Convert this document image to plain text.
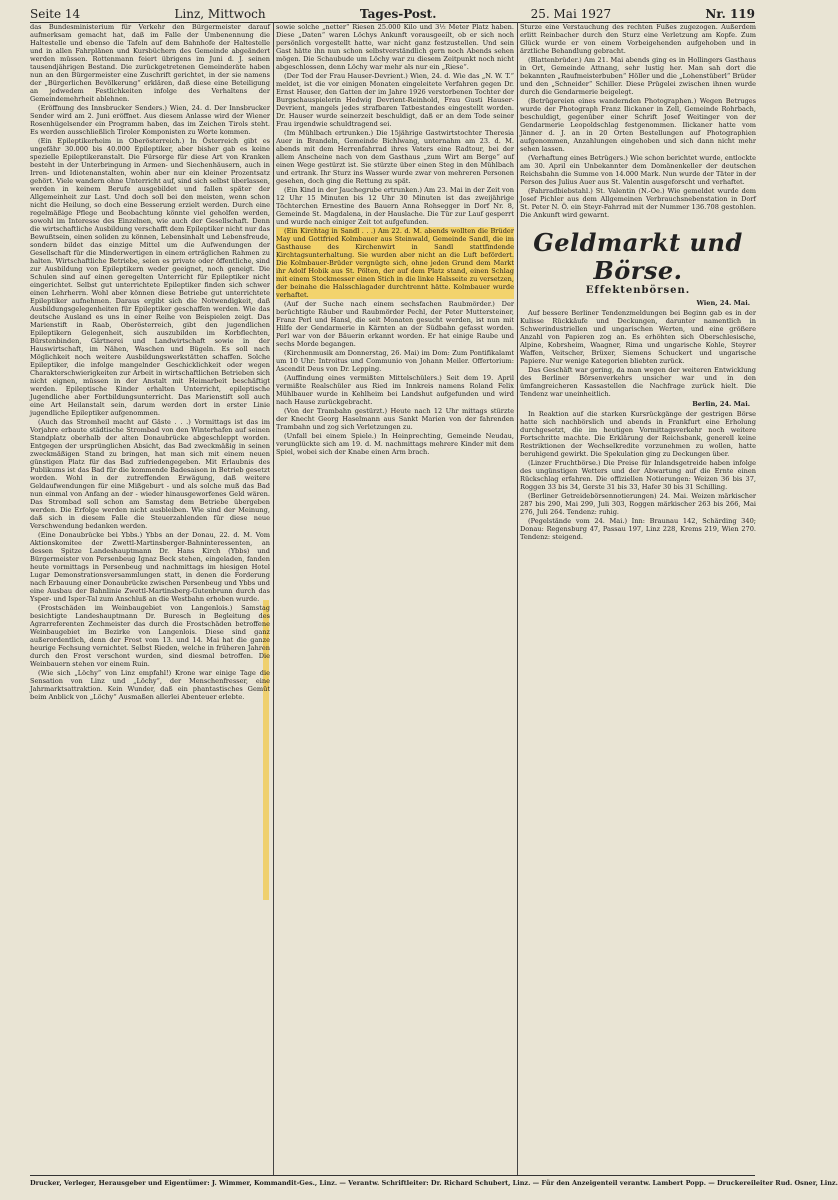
Seite 14	Linz, Mittwoch	Tages-Post.	25. Mai 1927	Nr. 119

das Bundesministerium für Verkehr den Bürgermeister darauf aufmerksam gemacht hat, daß im Falle der Umbenennung die Haltestelle und ebenso die Tafeln auf dem Bahnhofe der Haltestelle und in allen Fahrplänen und Kursbüchern des Gemeinde abgeändert werden müssen. Rottenmann feiert übrigens im Juni d. J. seinen tausendjährigen Bestand. Die zurückgetretenen Gemeinderäte haben nun an den Bürgermeister eine Zuschrift gerichtet, in der sie namens der „Bürgerlichen Bevölkerung“ erklären, daß diese eine Beteiligung an jedwedem Festlichkeiten infolge des Verhaltens der Gemeindemehrheit ablehnen.

(Eröffnung des Innsbrucker Senders.) Wien, 24. d. Der Innsbrucker Sender wird am 2. Juni eröffnet. Aus diesem Anlasse wird der Wiener Rosenhügelsender ein Programm haben, das im Zeichen Tirols steht. Es werden ausschließlich Tiroler Komponisten zu Worte kommen.

(Ein Epileptikerheim in Oberösterreich.) In Österreich gibt es ungefähr 30.000 bis 40.000 Epileptiker, aber bisher gab es keine spezielle Epileptikeranstalt. Die Fürsorge für diese Art von Kranken besteht in der Unterbringung in Armen- und Siechenhäusern, auch in Irren- und Idiotenanstalten, wohin aber nur ein kleiner Prozentsatz gehört. Viele wandern ohne Unterricht auf, sind sich selbst überlassen, werden in keinem Berufe ausgebildet und fallen später der Allgemeinheit zur Last. Und doch soll bei den meisten, wenn schon nicht die Heilung, so doch eine Besserung erzielt werden. Durch eine regelmäßige Pflege und Beobachtung könnte viel geholfen werden, sowohl im Interesse des Einzelnen, wie auch der Gesellschaft. Denn die wirtschaftliche Ausbildung verschafft dem Epileptiker nicht nur das Bewußtsein, einen soliden zu können, Lebensinhalt und Lebensfreude, sondern bildet das einzige Mittel um die Aufwendungen der Gesellschaft für die Minderwertigen in einem erträglichen Rahmen zu halten. Wirtschaftliche Betriebe, seien es private oder öffentliche, sind zur Ausbildung von Epileptikern weder geeignet, noch geneigt. Die Schulen sind auf einen geregelten Unterricht für Epileptiker nicht eingerichtet. Selbst gut unterrichtete Epileptiker finden sich schwer einen Lehrherrn. Wohl aber können diese Betriebe gut unterrichtete Epileptiker aufnehmen. Daraus ergibt sich die Notwendigkeit, daß Ausbildungsgelegenheiten für Epileptiker geschaffen werden. Wie das deutsche Ausland es uns in einer Reihe von Beispielen zeigt. Das Marienstift in Raab, Oberösterreich, gibt den jugendlichen Epileptikern Gelegenheit, sich auszubilden im Korbflechten, Bürstenbinden, Gärtnerei und Landwirtschaft sowie in der Hauswirtschaft, im Nähen, Waschen und Bügeln. Es soll nach Möglichkeit noch weitere Ausbildungswerkstätten schaffen. Solche Epileptiker, die infolge mangelnder Geschicklichkeit oder wegen Charakterschwierigkeiten zur Arbeit in wirtschaftlichen Betrieben sich nicht eignen, müssen in der Anstalt mit Heimarbeit beschäftigt werden. Epileptische Kinder erhalten Unterricht, epileptische Jugendliche aber Fortbildungsunterricht. Das Marienstift soll auch eine Art Heilanstalt sein, darum werden dort in erster Linie jugendliche Epileptiker aufgenommen.

(Auch das Stromheil macht auf Gäste . . .) Vormittags ist das im Vorjahre erbaute städtische Strombad von den Winterhafen auf seinen Standplatz oberhalb der alten Donaubrücke abgeschleppt worden. Entgegen der ursprünglichen Absicht, das Bad zweckmäßig in seinen zweckmäßigen Stand zu bringen, hat man sich mit einem neuen günstigen Platz für das Bad zufriedengegeben. Mit Erlaubnis des Publikums ist das Bad für die kommende Badesaison in Betrieb gesetzt worden. Wohl in der zutreffenden Erwägung, daß weitere Geldaufwendungen für eine Mißgeburt - und als solche muß das Bad nun einmal von Anfang an der - wieder hinausgeworfenes Geld wären. Das Strombad soll schon am Samstag dem Betriebe übergeben werden. Die Erfolge werden nicht ausbleiben. Wie sind der Meinung, daß sich in diesem Falle die Steuerzahlenden für diese neue Verschwendung bedanken werden.

(Eine Donaubrücke bei Ybbs.) Ybbs an der Donau, 22. d. M. Vom Aktionskomitee der Zwettl-Martinsberger-Bahninteressenten, an dessen Spitze Landeshauptmann Dr. Hans Kirch (Ybbs) und Bürgermeister von Persenbeug Ignaz Beck stehen, eingeladen, fanden heute vormittags in Persenbeug und nachmittags im hiesigen Hotel Lugar Demonstrationsversammlungen statt, in denen die Forderung nach Erbauung einer Donaubrücke zwischen Persenbeug und Ybbs und eine Ausbau der Bahnlinie Zwettl-Martinsberg-Gutenbrunn durch das Ysper- und Isper-Tal zum Anschluß an die Westbahn erhoben wurde.

(Frostschäden im Weinbaugebiet von Langenlois.) Samstag besichtigte Landeshauptmann Dr. Buresch in Begleitung des Agrarreferenten Zechmeister das durch die Frostschäden betroffene Weinbaugebiet im Bezirke von Langenlois. Diese sind ganz außerordentlich, denn der Frost vom 13. und 14. Mai hat die ganze heurige Fechsung vernichtet. Selbst Rieden, welche in früheren Jahren durch den Frost verschont wurden, sind diesmal betroffen. Die Weinbauern stehen vor einem Ruin.

(Wie sich „Löchy“ von Linz empfahl!) Krone war einige Tage die Sensation von Linz und „Löchy“, der Menschenfresser, eine Jahrmarktsattraktion. Kein Wunder, daß ein phantastisches Gemüt beim Anblick von „Löchy“ Ausmaßen allerlei Abenteuer erlebte.

sowie solche „netter“ Riesen 25.000 Kilo und 3½ Meter Platz haben. Diese „Daten“ waren Löchys Ankunft vorausgeeilt, ob er sich noch persönlich vorgestellt hatte, war nicht ganz festzustellen. Und sein Gast hätte ihn nun schon selbstverständlich gern noch Abends sehen mögen. Die Schaubude um Löchy war zu diesem Zeitpunkt noch nicht abgeschlossen, denn Löchy war mehr als nur ein „Riese“.

(Der Tod der Frau Hauser-Devrient.) Wien, 24. d. Wie das „N. W. T.“ meldet, ist die vor einigen Monaten eingeleitete Verfahren gegen Dr. Ernst Hauser, den Gatten der im Jahre 1926 verstorbenen Tochter der Burgschauspielerin Hedwig Devrient-Reinhold, Frau Gusti Hauser-Devrient, mangels jedes strafbaren Tatbestandes eingestellt worden. Dr. Hauser wurde seinerzeit beschuldigt, daß er an dem Tode seiner Frau irgendwie schuldtragend sei.

(Im Mühlbach ertrunken.) Die 15jährige Gastwirtstochter Theresia Auer in Brandeln, Gemeinde Bichlwang, unternahm am 23. d. M. abends mit dem Herrenfahrrad ihres Vaters eine Radtour, bei der allem Anscheine nach von dem Gasthaus „zum Wirt am Berge“ auf einen Wege gestürzt ist. Sie stürzte über einen Steg in den Mühlbach und ertrank. Ihr Sturz ins Wasser wurde zwar von mehreren Personen gesehen, doch ging die Rettung zu spät.

(Ein Kind in der Jauchegrube ertrunken.) Am 23. Mai in der Zeit von 12 Uhr 15 Minuten bis 12 Uhr 30 Minuten ist das zweijährige Töchterchen Ernestine des Bauern Anna Rohsegger in Dorf Nr. 8, Gemeinde St. Magdalena, in der Hauslache. Die Tür zur Lauf gesperrt und wurde nach einiger Zeit tot aufgefunden.

(Ein Kirchtag in Sandl . . .) Am 22. d. M. abends wollten die Brüder May und Gottfried Kolmbauer aus Steinwald, Gemeinde Sandl, die im Gasthause des Kirchenwirt in Sandl stattfindende Kirchtagsunterhaltung. Sie wurden aber nicht an die Luft befördert. Die Kolmbauer-Brüder vergnügte sich, ohne jeden Grund dem Markt ihr Adolf Hobik aus St. Pölten, der auf dem Platz stand, einen Schlag mit einem Stockmesser einen Stich in die linke Halsseite zu versetzen, der beinahe die Halsschlagader durchtrennt hätte. Kolmbauer wurde verhaftet.

(Auf der Suche nach einem sechsfachen Raubmörder.) Der berüchtigte Räuber und Raubmörder Pechl, der Peter Muttersteiner, Franz Perl und Hansl, die seit Monaten gesucht werden, ist nun mit Hilfe der Gendarmerie in Kärnten an der Südbahn gefasst worden. Perl war von der Bäuerin erkannt worden. Er hat einige Raube und sechs Morde begangen.

(Kirchenmusik am Donnerstag, 26. Mai) im Dom: Zum Pontifikalamt um 10 Uhr: Introitus und Communio von Johann Meiler. Offertorium: Ascendit Deus von Dr. Lepping.

(Auffindung eines vermißten Mittelschülers.) Seit dem 19. April vermißte Realschüler aus Ried im Innkreis namens Roland Felix Mühlbauer wurde in Kehlheim bei Landshut aufgefunden und wird nach Hause zurückgebracht.

(Von der Trambahn gestürzt.) Heute nach 12 Uhr mittags stürzte der Knecht Georg Haselmann aus Sankt Marien von der fahrenden Trambahn und zog sich Verletzungen zu.

(Unfall bei einem Spiele.) In Heinprechting, Gemeinde Neudau, verunglückte sich am 19. d. M. nachmittags mehrere Kinder mit dem Spiel, wobei sich der Knabe einen Arm brach.

Sturze eine Verstauchung des rechten Fußes zugezogen. Außerdem erlitt Reinbacher durch den Sturz eine Verletzung am Kopfe. Zum Glück wurde er von einem Vorbeigehenden aufgehoben und in ärztliche Behandlung gebracht.

(Blattenbrüder.) Am 21. Mai abends ging es in Hollingers Gasthaus in Ort, Gemeinde Attnang, sehr lustig her. Man sah dort die bekannten „Raufmeisterbuben“ Höller und die „Lohenstüberl“ Brüder und den „Schneider“ Schiller. Diese Prügelei zwischen ihnen wurde durch die Gendarmerie beigelegt.

(Betrügereien eines wandernden Photographen.) Wegen Betruges wurde der Photograph Franz Ilickaner in Zell, Gemeinde Rohrbach, beschuldigt, gegenüber einer Schrift Josef Weitinger von der Gendarmerie Leopoldschlag festgenommen. Ilickaner hatte vom Jänner d. J. an in 20 Orten Bestellungen auf Photographien aufgenommen, Anzahlungen eingehoben und sich dann nicht mehr sehen lassen.

(Verhaftung eines Betrügers.) Wie schon berichtet wurde, entlockte am 30. April ein Unbekannter dem Domänenkeller der deutschen Reichsbahn die Summe von 14.000 Mark. Nun wurde der Täter in der Person des Julius Auer aus St. Valentin ausgeforscht und verhaftet.

(Fahrradbiebstahl.) St. Valentin (N.-Oe.) Wie gemeldet wurde dem Josef Pichler aus dem Allgemeinen Verbrauchsnebenstation in Dorf St. Peter N. Ö. ein Steyr-Fahrrad mit der Nummer 136.708 gestohlen. Die Ankunft wird gewarnt.

Geldmarkt und Börse.
Effektenbörsen.
Wien, 24. Mai.

Auf bessere Berliner Tendenzmeldungen bei Beginn gab es in der Kulisse Rückkäufe und Deckungen, darunter namentlich in Schwerindustriellen und ungarischen Werten, und eine größere Anzahl von Papieren zog an. Es erhöhten sich Oberschlesische, Alpine, Kobrsheim, Waagner, Rima und ungarische Kohle, Steyrer Waffen, Veitscher, Brüxer, Siemens Schuckert und ungarische Papiere. Nur wenige Kategorien bliebten zurück.

Das Geschäft war gering, da man wegen der weiteren Entwicklung des Berliner Börsenverkehrs unsicher war und in den ümfangreicheren Kassastellen die Nachfrage zurück hielt. Die Tendenz war uneinheitlich.

Berlin, 24. Mai.

In Reaktion auf die starken Kursrückgänge der gestrigen Börse hatte sich nachbörslich und abends in Frankfurt eine Erholung durchgesetzt, die im heutigen Vormittagsverkehr noch weitere Fortschritte machte. Die Erklärung der Reichsbank, generell keine Restriktionen der Wechselkredite vorzunehmen zu wollen, hatte beruhigend gewirkt. Die Spekulation ging zu Deckungen über.

(Linzer Fruchtbörse.) Die Preise für Inlandsgetreide haben infolge des ungünstigen Wetters und der Abwartung auf die Ernte einen Rückschlag erfahren. Die offiziellen Notierungen: Weizen 36 bis 37, Roggen 33 bis 34, Gerste 31 bis 33, Hafer 30 bis 31 Schilling.

(Berliner Getreidebörsennotierungen) 24. Mai. Weizen märkischer 287 bis 290, Mai 299, Juli 303, Roggen märkischer 263 bis 266, Mai 276, Juli 264. Tendenz: ruhig.

(Pegelstände vom 24. Mai.) Inn: Braunau 142, Schärding 340; Donau: Regensburg 47, Passau 197, Linz 228, Krems 219, Wien 270. Tendenz: steigend.

Drucker, Verleger, Herausgeber und Eigentümer: J. Wimmer, Kommandit-Ges., Linz. — Verantw. Schriftleiter: Dr. Richard Schubert, Linz. — Für den Anzeigenteil verantw. Lambert Popp. — Druckereileiter Rud. Osner, Linz.
